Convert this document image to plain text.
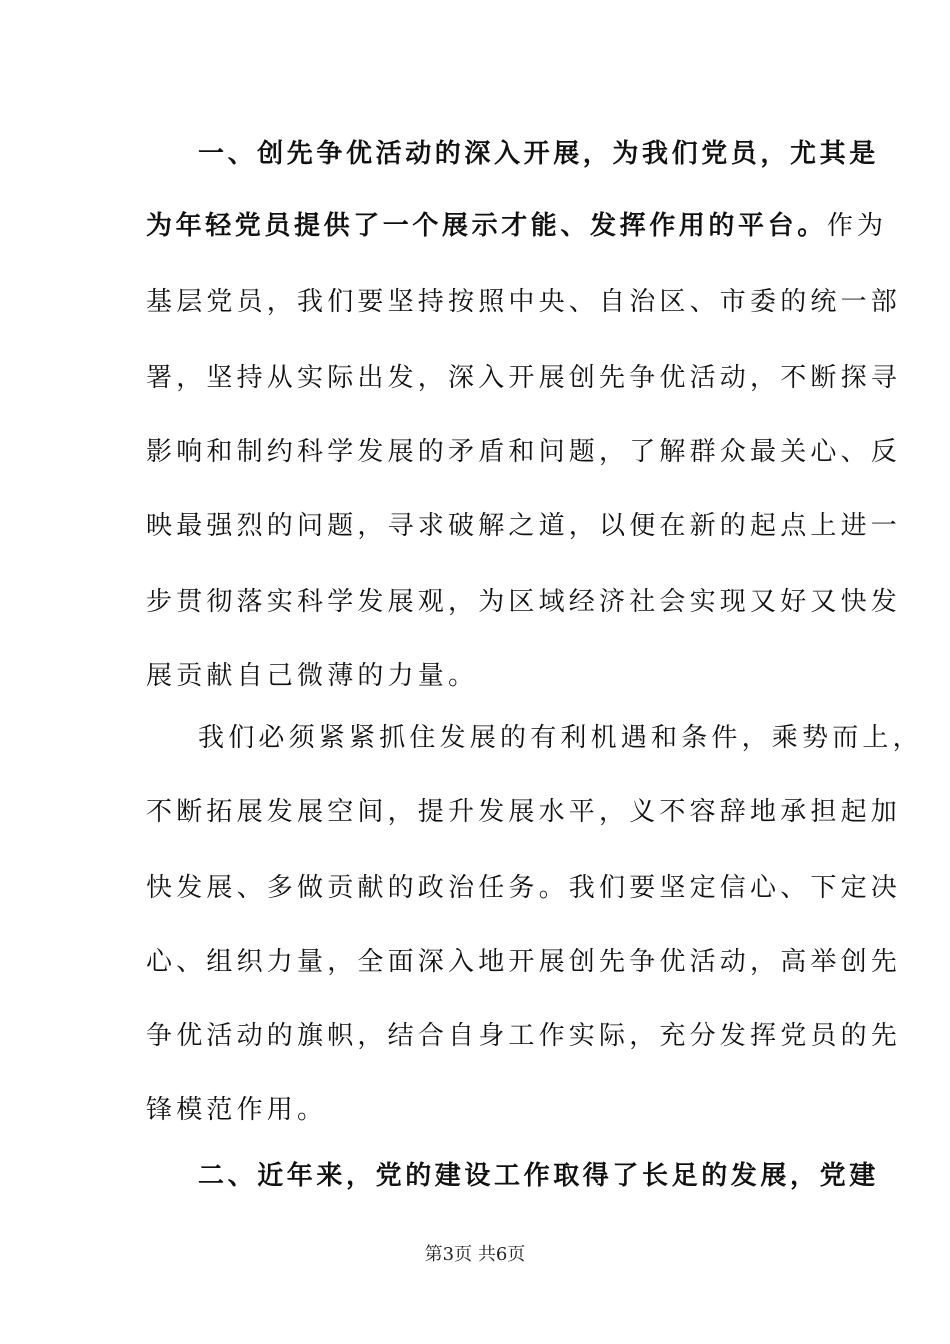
一、创先争优活动的深入开展，为我们党员，尤其是
为年轻党员提供了一个展示才能、发挥作用的平台。作为
基层党员，我们要坚持按照中央、自治区、市委的统一部
署，坚持从实际出发，深入开展创先争优活动，不断探寻
影响和制约科学发展的矛盾和问题，了解群众最关心、反
映最强烈的问题，寻求破解之道，以便在新的起点上进一
步贯彻落实科学发展观，为区域经济社会实现又好又快发
展贡献自己微薄的力量。
我们必须紧紧抓住发展的有利机遇和条件，乘势而上，
不断拓展发展空间，提升发展水平，义不容辞地承担起加
快发展、多做贡献的政治任务。我们要坚定信心、下定决
心、组织力量，全面深入地开展创先争优活动，高举创先
争优活动的旗帜，结合自身工作实际，充分发挥党员的先
锋模范作用。
二、近年来，党的建设工作取得了长足的发展，党建
第3页 共6页
